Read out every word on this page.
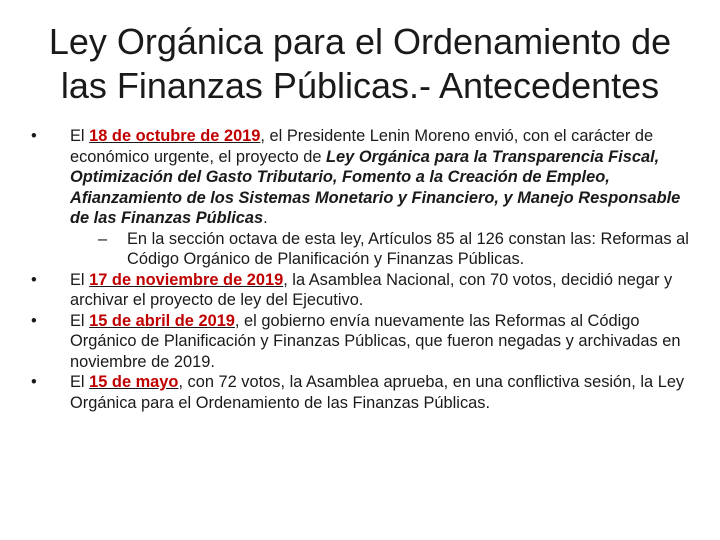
Ley Orgánica para el Ordenamiento de
las Finanzas Públicas.- Antecedentes

•	El 18 de octubre de 2019, el Presidente Lenin Moreno envió, con el carácter de económico urgente, el proyecto de Ley Orgánica para la Transparencia Fiscal, Optimización del Gasto Tributario, Fomento a la Creación de Empleo, Afianzamiento de los Sistemas Monetario y Financiero, y Manejo Responsable de las Finanzas Públicas.

– En la sección octava de esta ley, Artículos 85 al 126 constan las: Reformas al Código Orgánico de Planificación y Finanzas Públicas.

•	El 17 de noviembre de 2019, la Asamblea Nacional, con 70 votos, decidió negar y archivar el proyecto de ley del Ejecutivo.

•	El 15 de abril de 2019, el gobierno envía nuevamente las Reformas al Código Orgánico de Planificación y Finanzas Públicas, que fueron negadas y archivadas en noviembre de 2019.

•	El 15 de mayo, con 72 votos, la Asamblea aprueba, en una conflictiva sesión, la Ley Orgánica para el Ordenamiento de las Finanzas Públicas.
